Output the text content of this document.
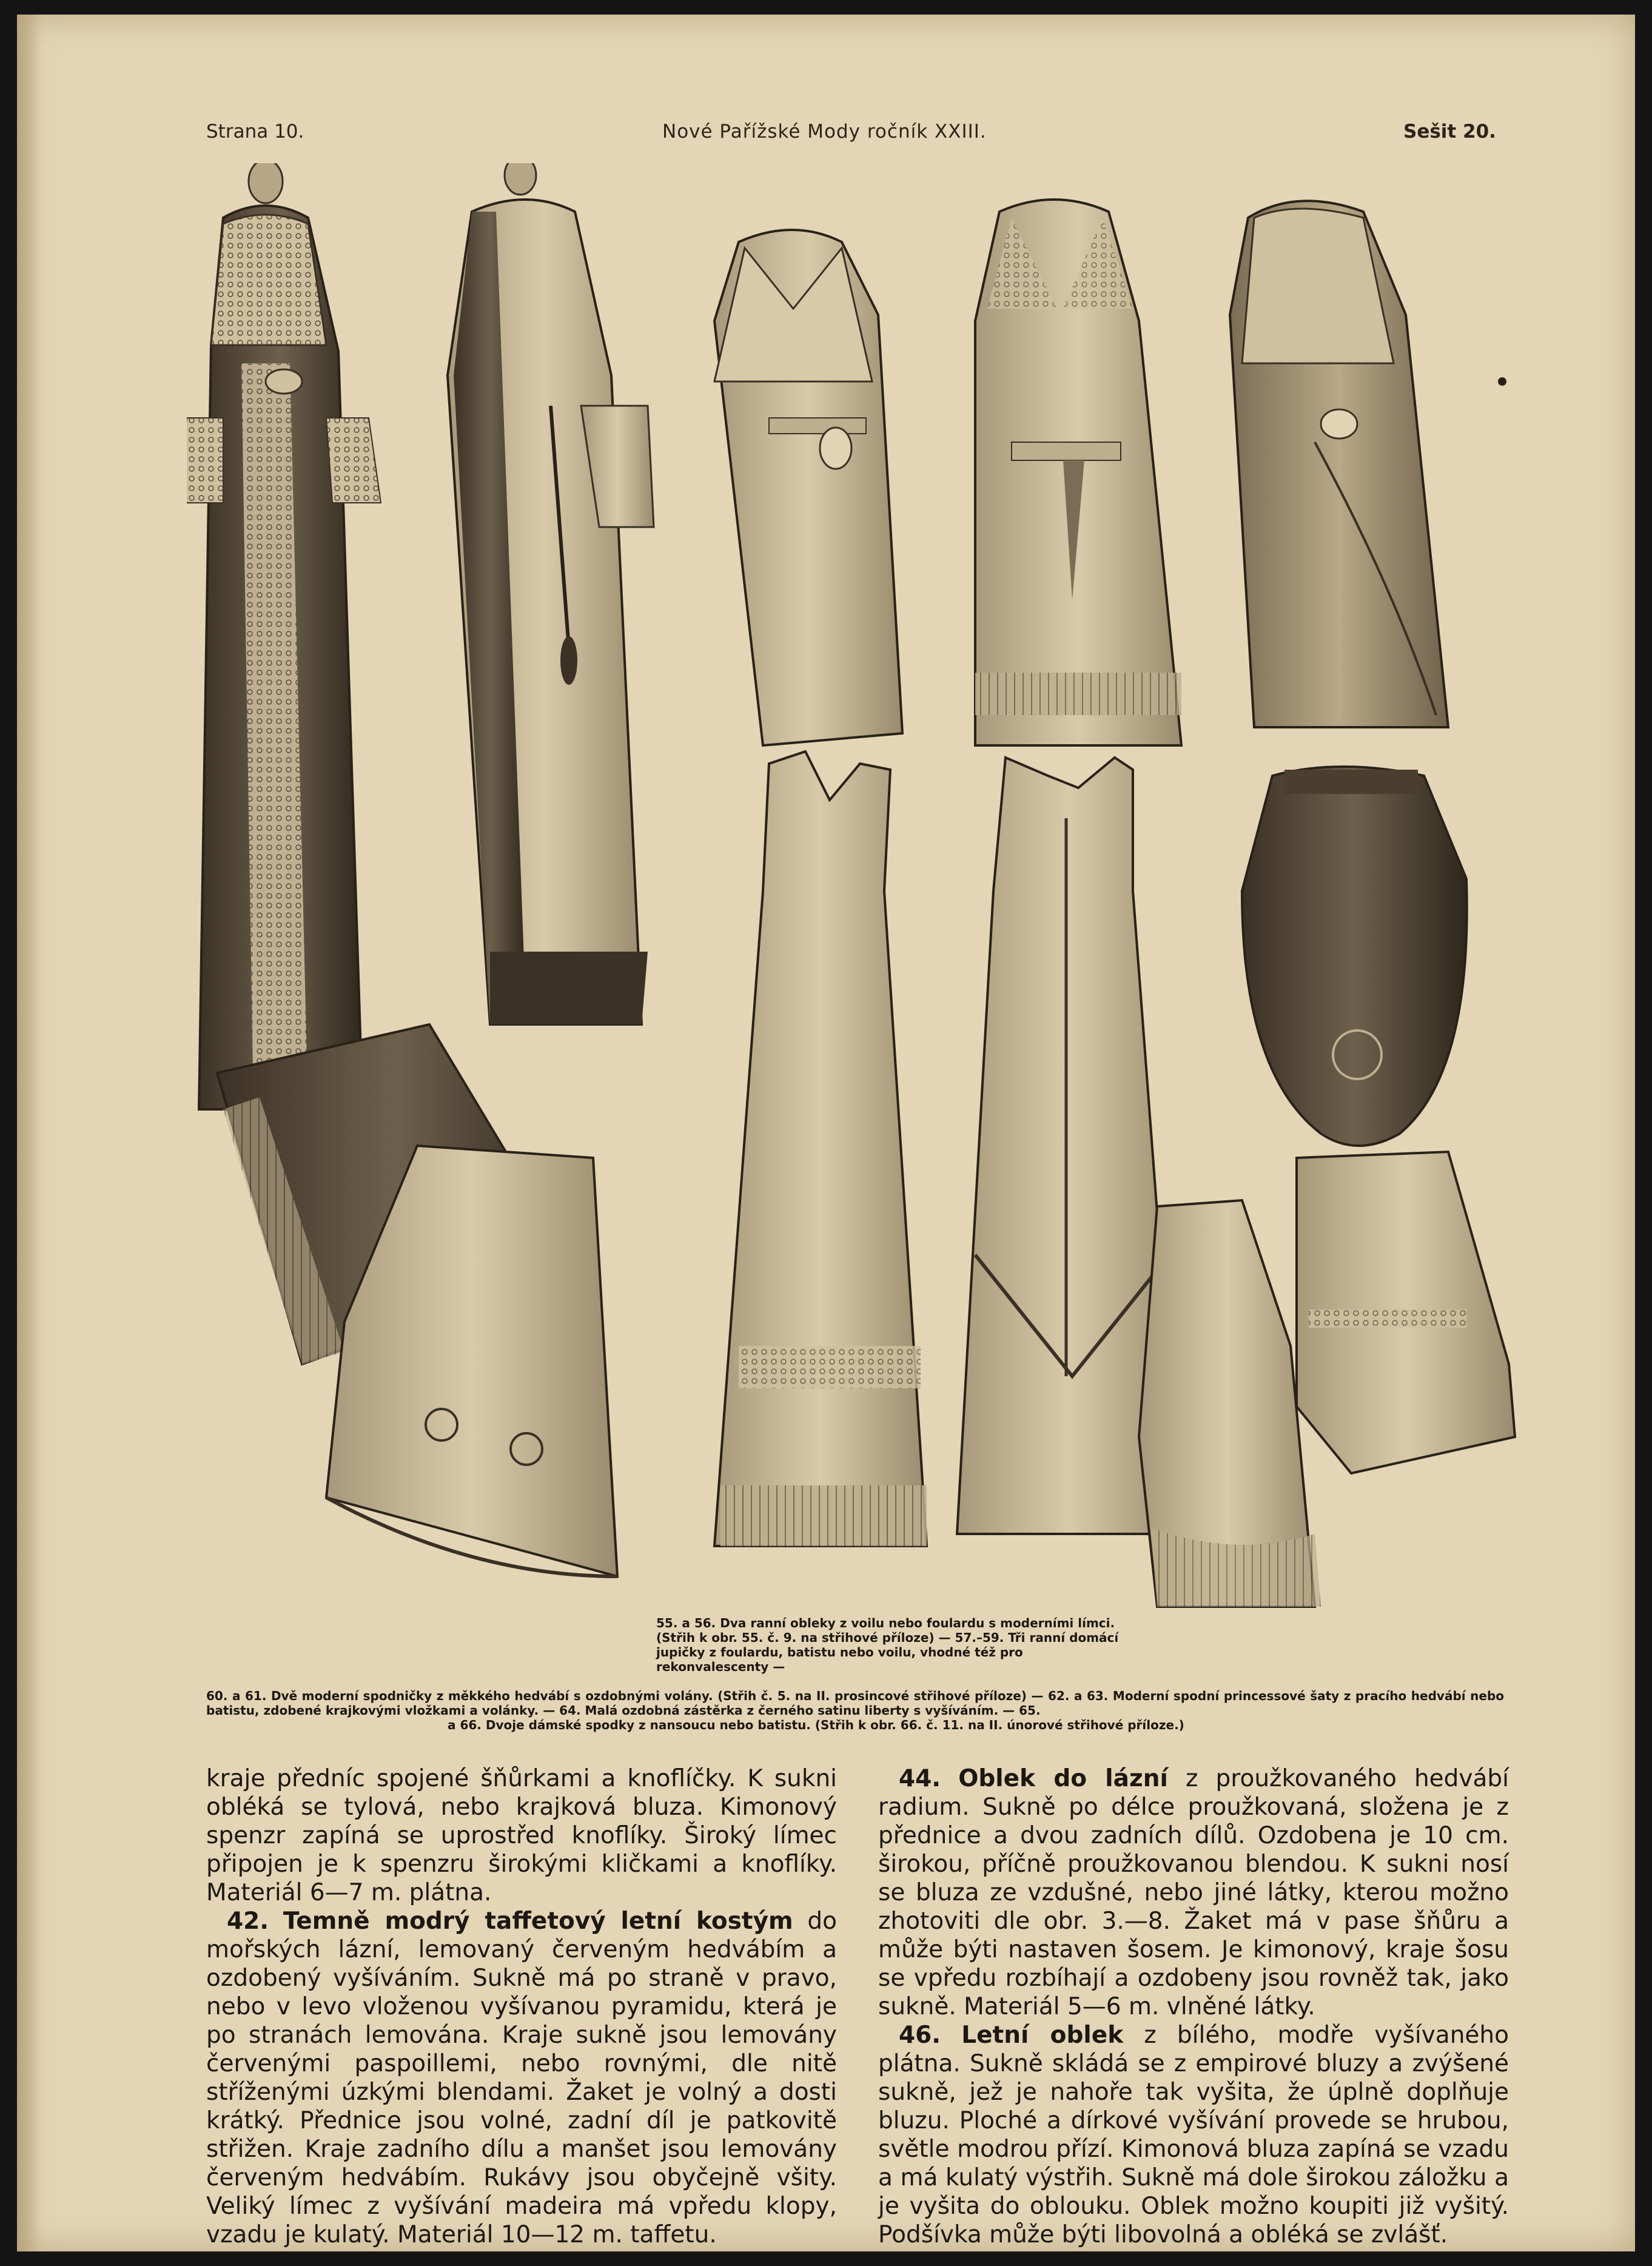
Strana 10.	Nové Pařížské Mody ročník XXIII.	Sešit 20.
55. a 56. Dva ranní obleky z voilu nebo foulardu s moderními límci. (Střih k obr. 55. č. 9. na střihové příloze) — 57.–59. Tři ranní domácí jupičky z foulardu, batistu nebo voilu, vhodné též pro rekonvalescenty —
60. a 61. Dvě moderní spodničky z měkkého hedvábí s ozdobnými volány. (Střih č. 5. na II. prosincové střihové příloze) — 62. a 63. Moderní spodní princessové šaty z pracího hedvábí nebo batistu, zdobené krajkovými vložkami a volánky. — 64. Malá ozdobná zástěrka z černého satinu liberty s vyšíváním. — 65.
a 66. Dvoje dámské spodky z nansoucu nebo batistu. (Střih k obr. 66. č. 11. na II. únorové střihové příloze.)

kraje předníc spojené šňůrkami a knoflíčky. K sukni obléká se tylová, nebo krajková bluza. Kimonový spenzr zapíná se uprostřed knoflíky. Široký límec připojen je k spenzru širokými kličkami a knoflíky. Materiál 6—7 m. plátna.

42. Temně modrý taffetový letní kostým do mořských lázní, lemovaný červeným hedvábím a ozdobený vyšíváním. Sukně má po straně v pravo, nebo v levo vloženou vyšívanou pyramidu, která je po stranách lemována. Kraje sukně jsou lemovány červenými paspoillemi, nebo rovnými, dle nitě stříženými úzkými blendami. Žaket je volný a dosti krátký. Přednice jsou volné, zadní díl je patkovitě střižen. Kraje zadního dílu a manšet jsou lemovány červeným hedvábím. Rukávy jsou obyčejně všity. Veliký límec z vyšívání madeira má vpředu klopy, vzadu je kulatý. Materiál 10—12 m. taffetu.

44. Oblek do lázní z proužkovaného hedvábí radium. Sukně po délce proužkovaná, složena je z přednice a dvou zadních dílů. Ozdobena je 10 cm. širokou, příčně proužkovanou blendou. K sukni nosí se bluza ze vzdušné, nebo jiné látky, kterou možno zhotoviti dle obr. 3.—8. Žaket má v pase šňůru a může býti nastaven šosem. Je kimonový, kraje šosu se vpředu rozbíhají a ozdobeny jsou rovněž tak, jako sukně. Materiál 5—6 m. vlněné látky.

46. Letní oblek z bílého, modře vyšívaného plátna. Sukně skládá se z empirové bluzy a zvýšené sukně, jež je nahoře tak vyšita, že úplně doplňuje bluzu. Ploché a dírkové vyšívání provede se hrubou, světle modrou přízí. Kimonová bluza zapíná se vzadu a má kulatý výstřih. Sukně má dole širokou záložku a je vyšita do oblouku. Oblek možno koupiti již vyšitý. Podšívka může býti libovolná a obléká se zvlášť.
